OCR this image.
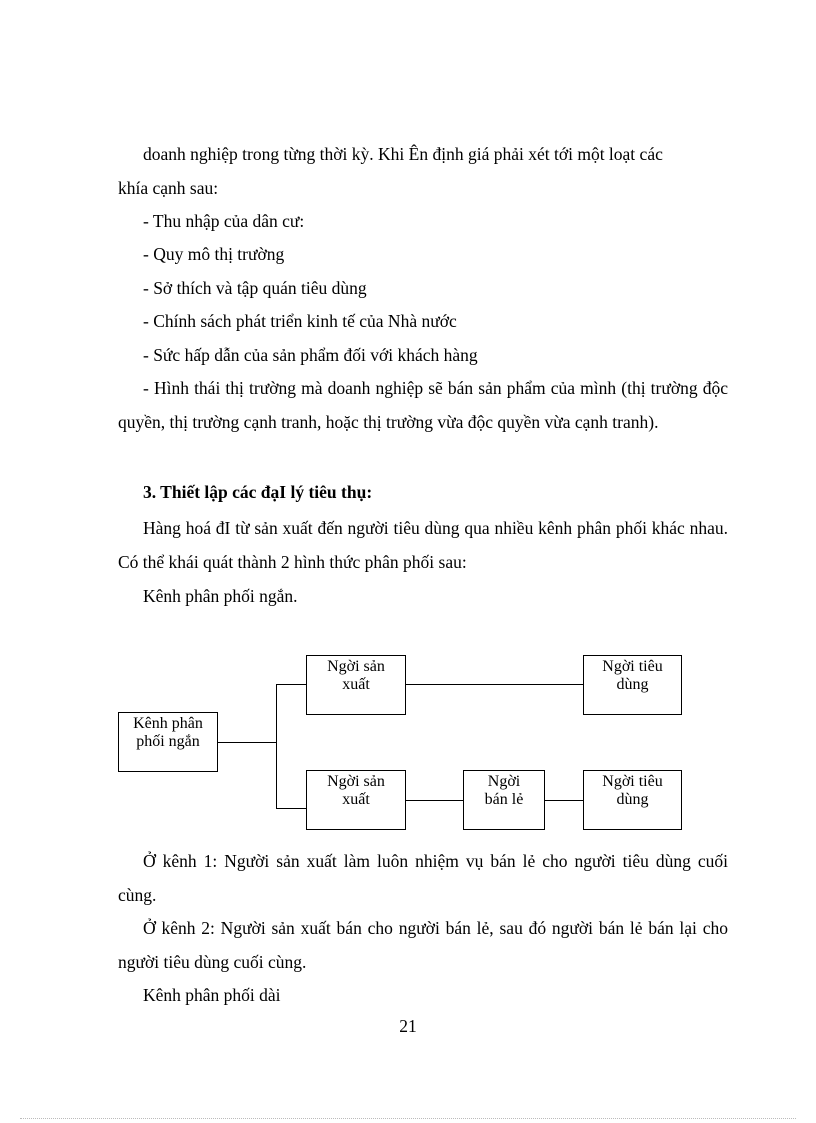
doanh nghiệp trong từng thời kỳ. Khi Ên định giá phải xét tới một loạt các

khía cạnh sau:

- Thu nhập của dân cư:

- Quy mô thị trường

- Sở thích và tập quán tiêu dùng

- Chính sách phát triển kinh tế của Nhà nước

- Sức hấp dẫn của sản phẩm đối với khách hàng

- Hình thái thị trường mà doanh nghiệp sẽ bán sản phẩm của mình (thị trường độc quyền, thị trường cạnh tranh, hoặc thị trường vừa độc quyền vừa cạnh tranh).

3. Thiết lập các đạI lý tiêu thụ:

Hàng hoá đI từ sản xuất đến người tiêu dùng qua nhiều kênh phân phối khác nhau. Có thể khái quát thành 2 hình thức phân phối sau:

Kênh phân phối ngắn.

Kênh phân phối ngắn
Ngời sản xuất
Ngời tiêu dùng
Ngời sản xuất
Ngời bán lẻ
Ngời tiêu dùng

Ở kênh 1: Người sản xuất làm luôn nhiệm vụ bán lẻ cho người tiêu dùng cuối cùng.

Ở kênh 2: Người sản xuất bán cho người bán lẻ, sau đó người bán lẻ bán lại cho người tiêu dùng cuối cùng.

Kênh phân phối dài

21
